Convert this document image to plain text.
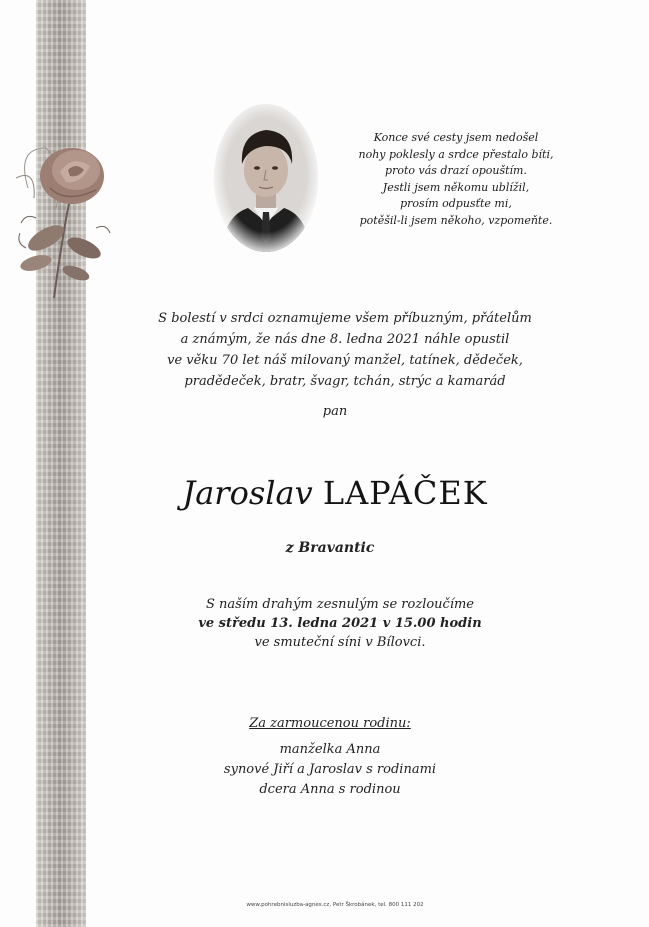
Konce své cesty jsem nedošel
nohy poklesly a srdce přestalo bíti,
proto vás drazí opouštím.
Jestli jsem někomu ublížil,
prosím odpusťte mi,
potěšil-li jsem někoho, vzpomeňte.
S bolestí v srdci oznamujeme všem příbuzným, přátelům
a známým, že nás dne 8. ledna 2021 náhle opustil
ve věku 70 let náš milovaný manžel, tatínek, dědeček,
pradědeček, bratr, švagr, tchán, strýc a kamarád
pan
Jaroslav LAPÁČEK
z Bravantic
S naším drahým zesnulým se rozloučíme
ve středu 13. ledna 2021 v 15.00 hodin
ve smuteční síni v Bílovci.
Za zarmoucenou rodinu:
manželka Anna
synové Jiří a Jaroslav s rodinami
dcera Anna s rodinou
www.pohrebnisluzba-agnes.cz, Petr Škrobánek, tel. 800 111 202
